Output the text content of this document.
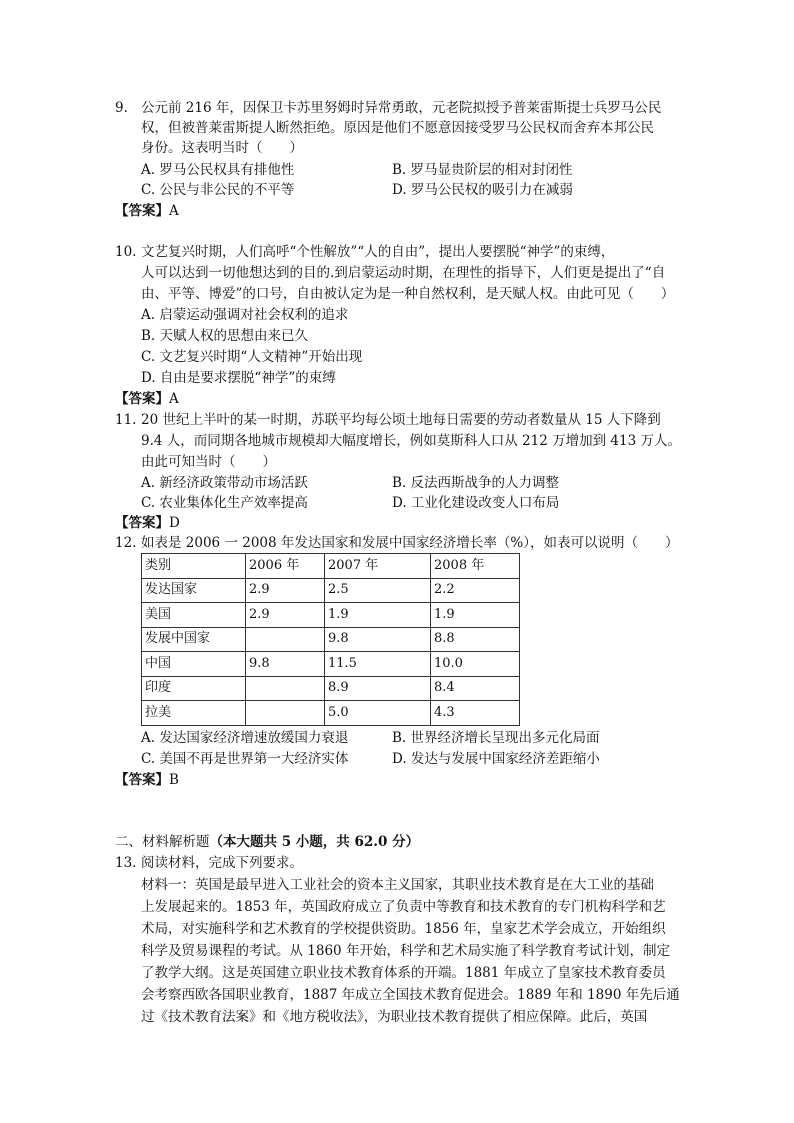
9. 公元前 216 年，因保卫卡苏里努姆时异常勇敢，元老院拟授予普莱雷斯提士兵罗马公民
权，但被普莱雷斯提人断然拒绝。原因是他们不愿意因接受罗马公民权而舍弃本邦公民
身份。这表明当时（　　）
A. 罗马公民权具有排他性	B. 罗马显贵阶层的相对封闭性
C. 公民与非公民的不平等	D. 罗马公民权的吸引力在减弱
【答案】A
10. 文艺复兴时期，人们高呼“个性解放”“人的自由”，提出人要摆脱“神学”的束缚，
人可以达到一切他想达到的目的.到启蒙运动时期，在理性的指导下，人们更是提出了“自
由、平等、博爱”的口号，自由被认定为是一种自然权利，是天赋人权。由此可见（　　）
A. 启蒙运动强调对社会权利的追求
B. 天赋人权的思想由来已久
C. 文艺复兴时期“人文精神”开始出现
D. 自由是要求摆脱“神学”的束缚
【答案】A
11. 20 世纪上半叶的某一时期，苏联平均每公顷土地每日需要的劳动者数量从 15 人下降到
9.4 人，而同期各地城市规模却大幅度增长，例如莫斯科人口从 212 万增加到 413 万人。
由此可知当时（　　）
A. 新经济政策带动市场活跃	B. 反法西斯战争的人力调整
C. 农业集体化生产效率提高	D. 工业化建设改变人口布局
【答案】D
12. 如表是 2006 一 2008 年发达国家和发展中国家经济增长率（%），如表可以说明（　　）
类别	2006 年	2007 年	2008 年
发达国家	2.9	2.5	2.2
美国	2.9	1.9	1.9
发展中国家		9.8	8.8
中国	9.8	11.5	10.0
印度		8.9	8.4
拉美		5.0	4.3
A. 发达国家经济增速放缓国力衰退	B. 世界经济增长呈现出多元化局面
C. 美国不再是世界第一大经济实体	D. 发达与发展中国家经济差距缩小
【答案】B
二、材料解析题（本大题共 5 小题，共 62.0 分）
13. 阅读材料，完成下列要求。
材料一：英国是最早进入工业社会的资本主义国家，其职业技术教育是在大工业的基础
上发展起来的。1853 年，英国政府成立了负责中等教育和技术教育的专门机构科学和艺
术局，对实施科学和艺术教育的学校提供资助。1856 年，皇家艺术学会成立，开始组织
科学及贸易课程的考试。从 1860 年开始，科学和艺术局实施了科学教育考试计划，制定
了教学大纲。这是英国建立职业技术教育体系的开端。1881 年成立了皇家技术教育委员
会考察西欧各国职业教育，1887 年成立全国技术教育促进会。1889 年和 1890 年先后通
过《技术教育法案》和《地方税收法》，为职业技术教育提供了相应保障。此后，英国
